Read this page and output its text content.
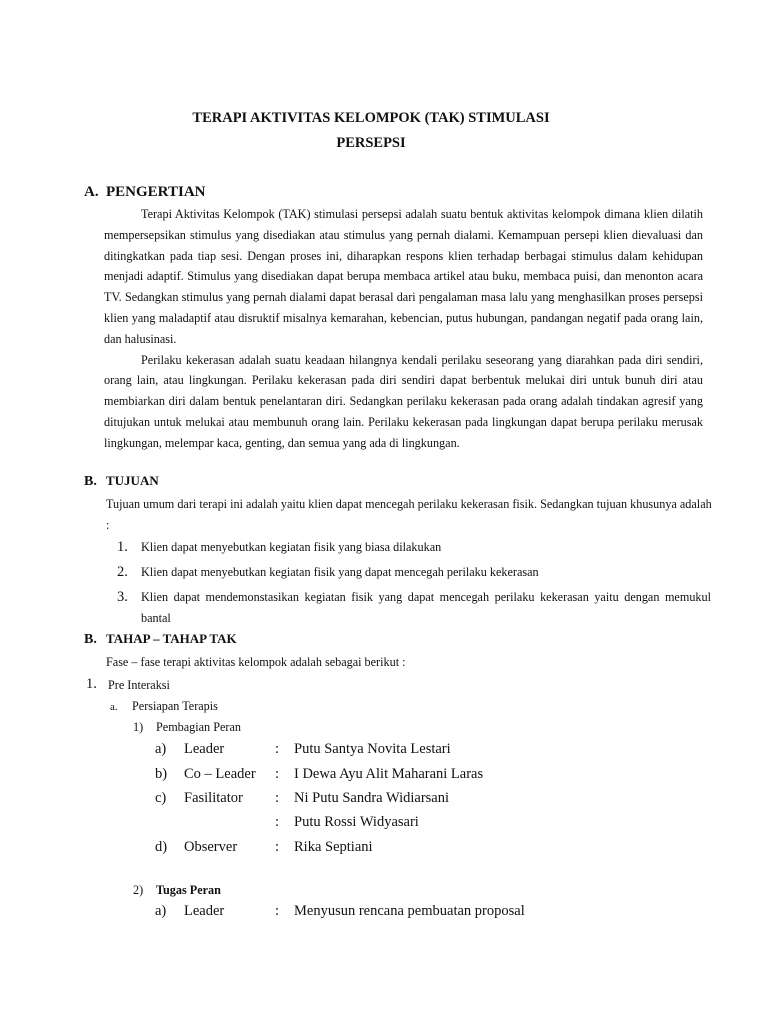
TERAPI AKTIVITAS KELOMPOK (TAK) STIMULASI
PERSEPSI
A. PENGERTIAN

Terapi Aktivitas Kelompok (TAK) stimulasi persepsi adalah suatu bentuk aktivitas kelompok dimana klien dilatih mempersepsikan stimulus yang disediakan atau stimulus yang pernah dialami. Kemampuan persepi klien dievaluasi dan ditingkatkan pada tiap sesi. Dengan proses ini, diharapkan respons klien terhadap berbagai stimulus dalam kehidupan menjadi adaptif. Stimulus yang disediakan dapat berupa membaca artikel atau buku, membaca puisi, dan menonton acara TV. Sedangkan stimulus yang pernah dialami dapat berasal dari pengalaman masa lalu yang menghasilkan proses persepsi klien yang maladaptif atau disruktif misalnya kemarahan, kebencian, putus hubungan, pandangan negatif pada orang lain, dan halusinasi.

Perilaku kekerasan adalah suatu keadaan hilangnya kendali perilaku seseorang yang diarahkan pada diri sendiri, orang lain, atau lingkungan. Perilaku kekerasan pada diri sendiri dapat berbentuk melukai diri untuk bunuh diri atau membiarkan diri dalam bentuk penelantaran diri. Sedangkan perilaku kekerasan pada orang adalah tindakan agresif yang ditujukan untuk melukai atau membunuh orang lain. Perilaku kekerasan pada lingkungan dapat berupa perilaku merusak lingkungan, melempar kaca, genting, dan semua yang ada di lingkungan.

B. TUJUAN

Tujuan umum dari terapi ini adalah yaitu klien dapat mencegah perilaku kekerasan fisik. Sedangkan tujuan khusunya adalah :

1.	Klien dapat menyebutkan kegiatan fisik yang biasa dilakukan
2.	Klien dapat menyebutkan kegiatan fisik yang dapat mencegah perilaku kekerasan
3.	Klien dapat mendemonstasikan kegiatan fisik yang dapat mencegah perilaku kekerasan yaitu dengan memukul bantal
B. TAHAP – TAHAP TAK
Fase – fase terapi aktivitas kelompok adalah sebagai berikut :
1. Pre Interaksi
a. Persiapan Terapis
1) Pembagian Peran
a) Leader	: Putu Santya Novita Lestari
b) Co – Leader : I Dewa Ayu Alit Maharani Laras
c) Fasilitator : Ni Putu Sandra Widiarsani
: Putu Rossi Widyasari
d) Observer	: Rika Septiani
2) Tugas Peran
a) Leader	: Menyusun rencana pembuatan proposal
